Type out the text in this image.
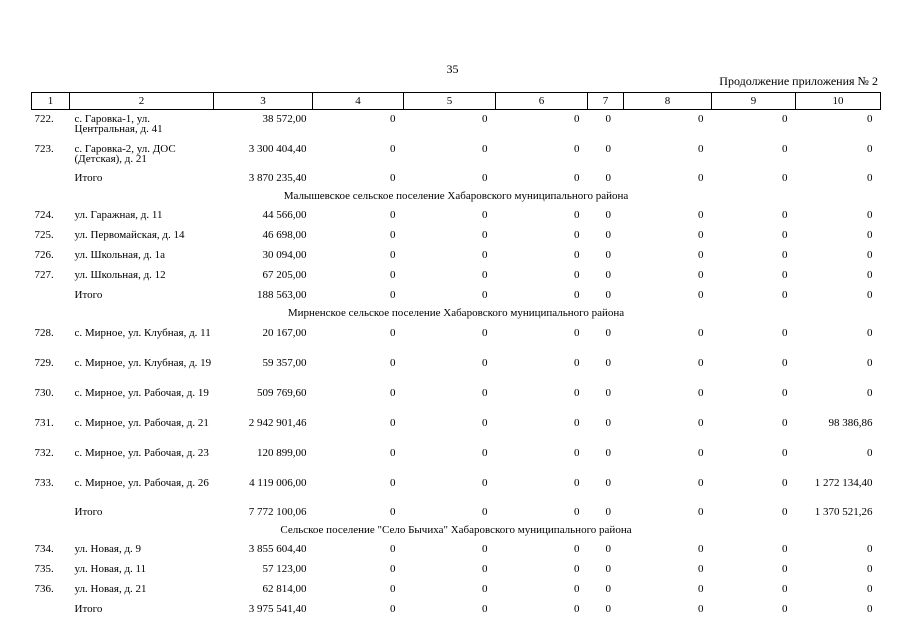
35
Продолжение приложения № 2
1	2	3	4	5	6	7	8	9	10
722.	с. Гаровка-1, ул. Центральная, д. 41	38 572,00	0	0	0	0	0	0	0
723.	с. Гаровка-2, ул. ДОС (Детская), д. 21	3 300 404,40	0	0	0	0	0	0	0
	Итого	3 870 235,40	0	0	0	0	0	0	0
Малышевское сельское поселение Хабаровского муниципального района									
724.	ул. Гаражная, д. 11	44 566,00	0	0	0	0	0	0	0
725.	ул. Первомайская, д. 14	46 698,00	0	0	0	0	0	0	0
726.	ул. Школьная, д. 1а	30 094,00	0	0	0	0	0	0	0
727.	ул. Школьная, д. 12	67 205,00	0	0	0	0	0	0	0
	Итого	188 563,00	0	0	0	0	0	0	0
Мирненское сельское поселение Хабаровского муниципального района									
728.	с. Мирное, ул. Клубная, д. 11	20 167,00	0	0	0	0	0	0	0
729.	с. Мирное, ул. Клубная, д. 19	59 357,00	0	0	0	0	0	0	0
730.	с. Мирное, ул. Рабочая, д. 19	509 769,60	0	0	0	0	0	0	0
731.	с. Мирное, ул. Рабочая, д. 21	2 942 901,46	0	0	0	0	0	0	98 386,86
732.	с. Мирное, ул. Рабочая, д. 23	120 899,00	0	0	0	0	0	0	0
733.	с. Мирное, ул. Рабочая, д. 26	4 119 006,00	0	0	0	0	0	0	1 272 134,40
	Итого	7 772 100,06	0	0	0	0	0	0	1 370 521,26
Сельское поселение "Село Бычиха" Хабаровского муниципального района									
734.	ул. Новая, д. 9	3 855 604,40	0	0	0	0	0	0	0
735.	ул. Новая, д. 11	57 123,00	0	0	0	0	0	0	0
736.	ул. Новая, д. 21	62 814,00	0	0	0	0	0	0	0
	Итого	3 975 541,40	0	0	0	0	0	0	0
